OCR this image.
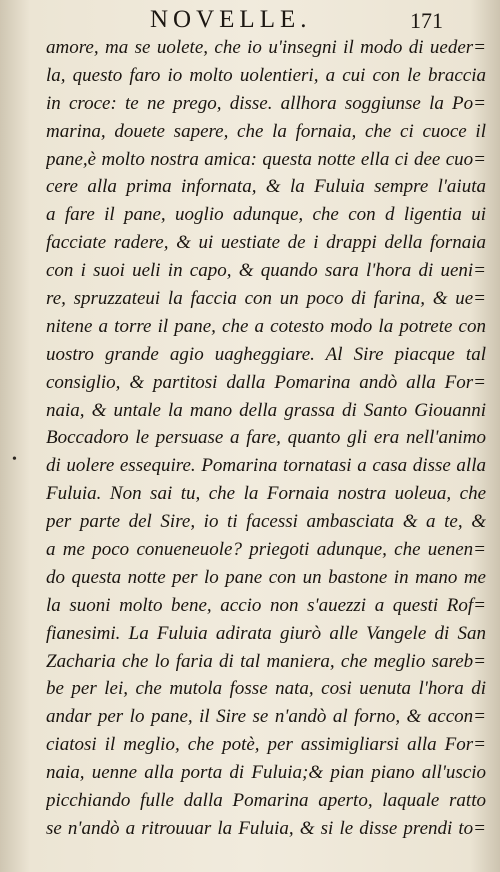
NOVELLE.	171
•
amore, ma se uolete, che io u'insegni il modo di ueder=
la, questo faro io molto uolentieri, a cui con le braccia
in croce: te ne prego, disse. allhora soggiunse la Po=
marina, douete sapere, che la fornaia, che ci cuoce il
pane,è molto nostra amica: questa notte ella ci dee cuo=
cere alla prima infornata, & la Fuluia sempre l'aiuta
a fare il pane, uoglio adunque, che con d ligentia ui
facciate radere, & ui uestiate de i drappi della fornaia
con i suoi ueli in capo, & quando sara l'hora di ueni=
re, spruzzateui la faccia con un poco di farina, & ue=
nitene a torre il pane, che a cotesto modo la potrete con
uostro grande agio uagheggiare. Al Sire piacque tal
consiglio, & partitosi dalla Pomarina andò alla For=
naia, & untale la mano della grassa di Santo Giouanni
Boccadoro le persuase a fare, quanto gli era nell'animo
di uolere essequire. Pomarina tornatasi a casa disse alla
Fuluia. Non sai tu, che la Fornaia nostra uoleua, che
per parte del Sire, io ti facessi ambasciata & a te, &
a me poco conueneuole? priegoti adunque, che uenen=
do questa notte per lo pane con un bastone in mano me
la suoni molto bene, accio non s'auezzi a questi Rof=
fianesimi. La Fuluia adirata giurò alle Vangele di San
Zacharia che lo faria di tal maniera, che meglio sareb=
be per lei, che mutola fosse nata, cosi uenuta l'hora di
andar per lo pane, il Sire se n'andò al forno, & accon=
ciatosi il meglio, che potè, per assimigliarsi alla For=
naia, uenne alla porta di Fuluia;& pian piano all'uscio
picchiando fulle dalla Pomarina aperto, laquale ratto
se n'andò a ritrouuar la Fuluia, & si le disse prendi to=
